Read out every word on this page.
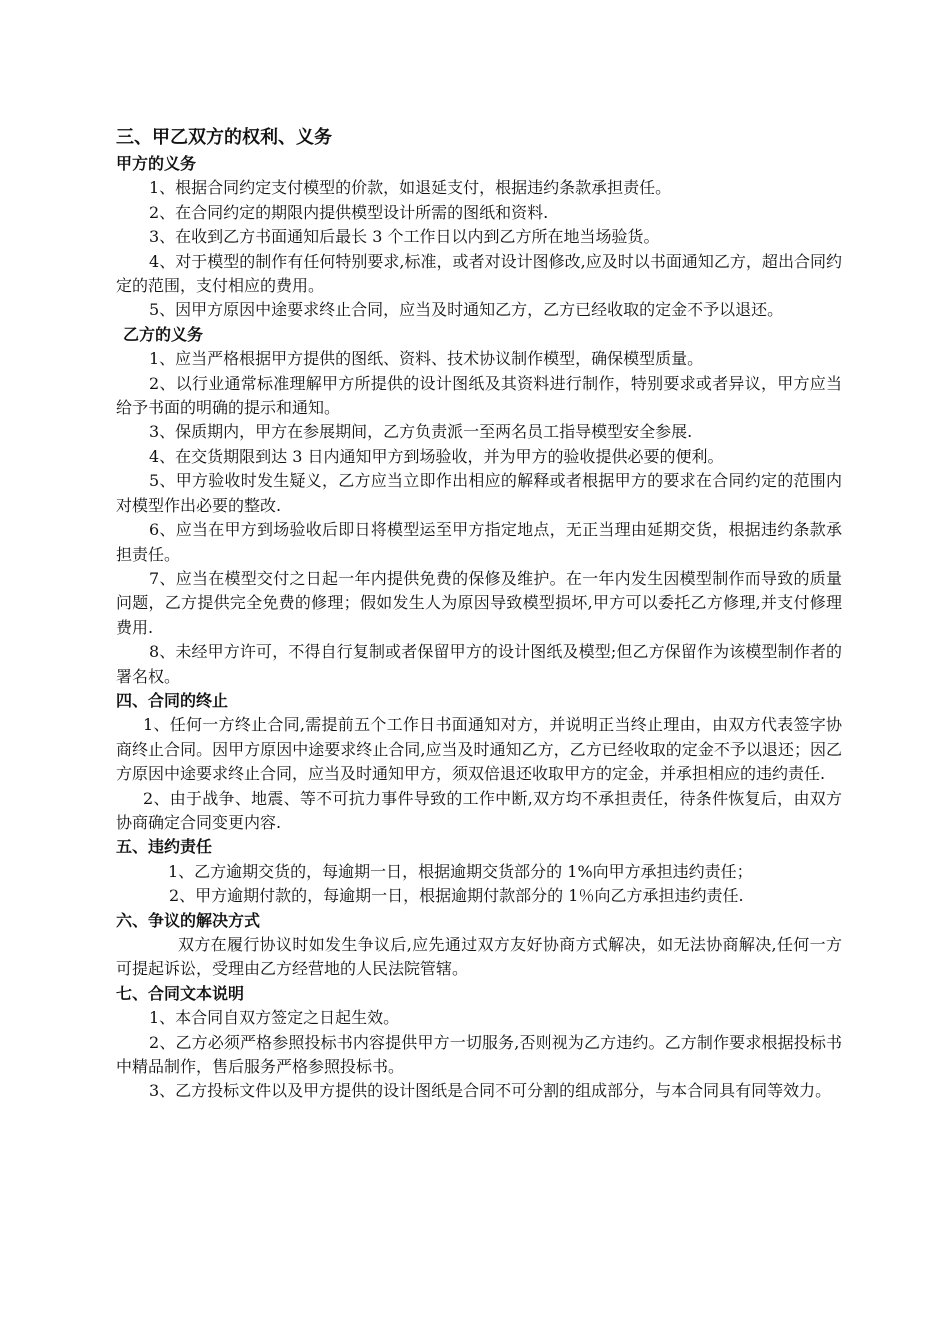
三、甲乙双方的权利、义务
甲方的义务

1、根据合同约定支付模型的价款，如退延支付，根据违约条款承担责任。

2、在合同约定的期限内提供模型设计所需的图纸和资料.

3、在收到乙方书面通知后最长 3 个工作日以内到乙方所在地当场验货。

4、对于模型的制作有任何特别要求,标准，或者对设计图修改,应及时以书面通知乙方，超出合同约定的范围，支付相应的费用。

5、因甲方原因中途要求终止合同，应当及时通知乙方，乙方已经收取的定金不予以退还。

乙方的义务

1、应当严格根据甲方提供的图纸、资料、技术协议制作模型，确保模型质量。

2、以行业通常标准理解甲方所提供的设计图纸及其资料进行制作，特别要求或者异议，甲方应当给予书面的明确的提示和通知。

3、保质期内，甲方在参展期间，乙方负责派一至两名员工指导模型安全参展.

4、在交货期限到达 3 日内通知甲方到场验收，并为甲方的验收提供必要的便利。

5、甲方验收时发生疑义，乙方应当立即作出相应的解释或者根据甲方的要求在合同约定的范围内对模型作出必要的整改.

6、应当在甲方到场验收后即日将模型运至甲方指定地点，无正当理由延期交货，根据违约条款承担责任。

7、应当在模型交付之日起一年内提供免费的保修及维护。在一年内发生因模型制作而导致的质量问题，乙方提供完全免费的修理；假如发生人为原因导致模型损坏,甲方可以委托乙方修理,并支付修理费用.

8、未经甲方许可，不得自行复制或者保留甲方的设计图纸及模型;但乙方保留作为该模型制作者的署名权。

四、合同的终止

1、任何一方终止合同,需提前五个工作日书面通知对方，并说明正当终止理由，由双方代表签字协商终止合同。因甲方原因中途要求终止合同,应当及时通知乙方，乙方已经收取的定金不予以退还；因乙方原因中途要求终止合同，应当及时通知甲方，须双倍退还收取甲方的定金，并承担相应的违约责任.

2、由于战争、地震、等不可抗力事件导致的工作中断,双方均不承担责任，待条件恢复后，由双方协商确定合同变更内容.

五、违约责任

1、乙方逾期交货的，每逾期一日，根据逾期交货部分的 1%向甲方承担违约责任；

2、甲方逾期付款的，每逾期一日，根据逾期付款部分的 1％向乙方承担违约责任.

六、争议的解决方式

双方在履行协议时如发生争议后,应先通过双方友好协商方式解决，如无法协商解决,任何一方可提起诉讼，受理由乙方经营地的人民法院管辖。

七、合同文本说明

1、本合同自双方签定之日起生效。

2、乙方必须严格参照投标书内容提供甲方一切服务,否则视为乙方违约。乙方制作要求根据投标书中精品制作，售后服务严格参照投标书。

3、乙方投标文件以及甲方提供的设计图纸是合同不可分割的组成部分，与本合同具有同等效力。
